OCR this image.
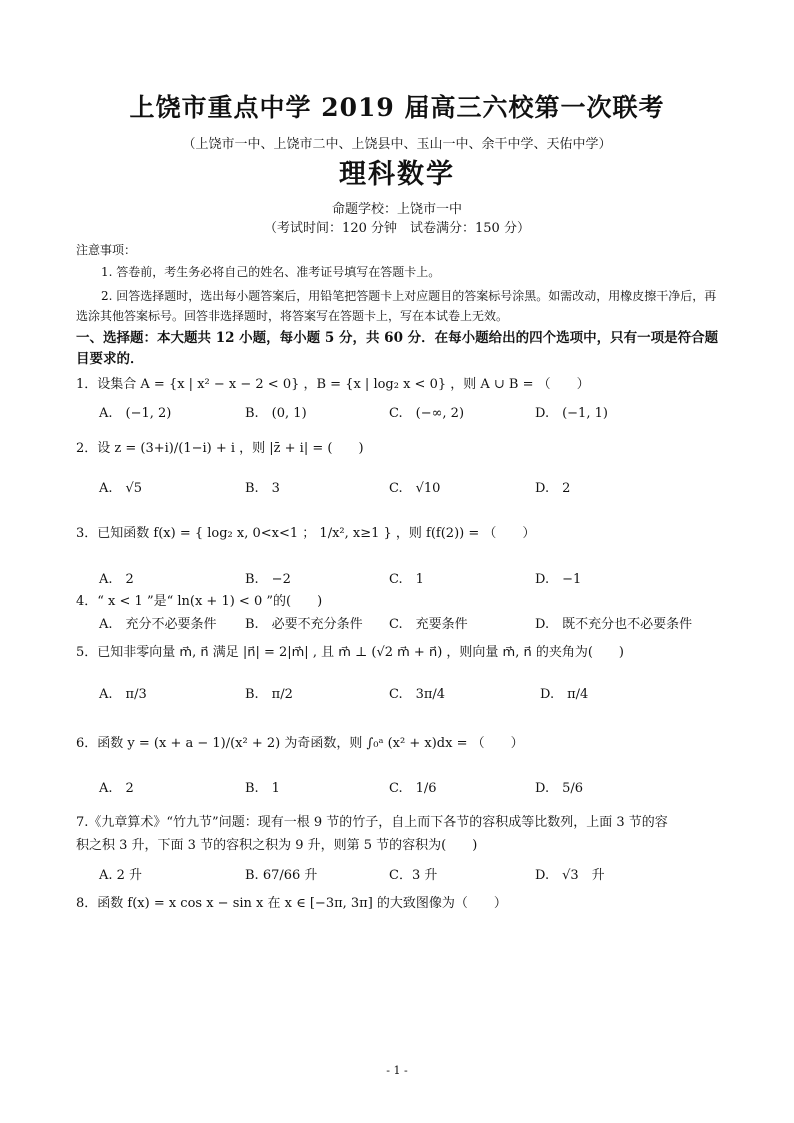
上饶市重点中学 2019 届高三六校第一次联考
（上饶市一中、上饶市二中、上饶县中、玉山一中、余干中学、天佑中学）
理科数学
命题学校：上饶市一中
（考试时间：120 分钟　试卷满分：150 分）
注意事项：
1. 答卷前，考生务必将自己的姓名、准考证号填写在答题卡上。
2. 回答选择题时，选出每小题答案后，用铅笔把答题卡上对应题目的答案标号涂黑。如需改动，用橡皮擦干净后，再
选涂其他答案标号。回答非选择题时，将答案写在答题卡上，写在本试卷上无效。
一、选择题：本大题共 12 小题，每小题 5 分，共 60 分．在每小题给出的四个选项中，只有一项是符合题
目要求的．
1．设集合 A = {x | x² − x − 2 < 0} ，B = {x | log₂ x < 0} ，则 A ∪ B = （　　）
A.　(−1, 2)	B.　(0, 1)	C.　(−∞, 2)	D.　(−1, 1)
2．设 z = (3+i)/(1−i) + i ，则 |z̄ + i| = (　　)
A.　√5	B.　3	C.　√10	D.　2
3．已知函数 f(x) = { log₂ x, 0<x<1 ； 1/x², x≥1 } ，则 f(f(2)) = （　　）
A.　2	B.　−2	C.　1	D.　−1
4．“ x < 1 ”是“ ln(x + 1) < 0 ”的(　　)
A.　充分不必要条件 B.　必要不充分条件 C.　充要条件	D.　既不充分也不必要条件
5．已知非零向量 m⃗, n⃗ 满足 |n⃗| = 2|m⃗| , 且 m⃗ ⊥ (√2 m⃗ + n⃗) ，则向量 m⃗, n⃗ 的夹角为(　　)
A.　π/3	B.　π/2	C.　3π/4	D.　π/4
6．函数 y = (x + a − 1)/(x² + 2) 为奇函数，则 ∫₀ᵃ (x² + x)dx = （　　）
A.　2	B.　1	C.　1/6	D.　5/6
7.《九章算术》“竹九节”问题：现有一根 9 节的竹子，自上而下各节的容积成等比数列，上面 3 节的容
积之积 3 升，下面 3 节的容积之积为 9 升，则第 5 节的容积为(　　)
A. 2 升	B. 67/66 升	C．3 升	D.　√3　升
8．函数 f(x) = x cos x − sin x 在 x ∈ [−3π, 3π] 的大致图像为（　　）
- 1 -
